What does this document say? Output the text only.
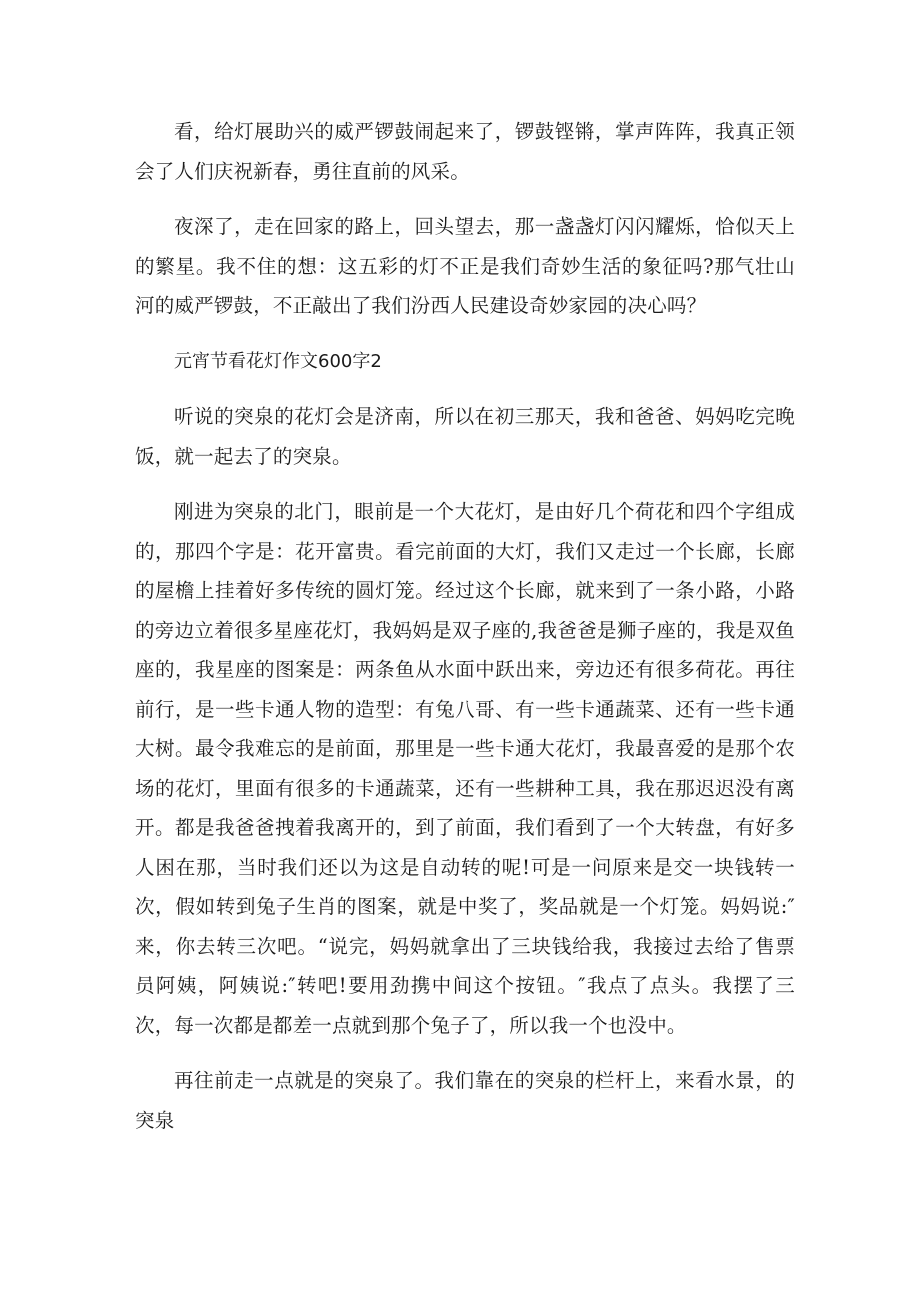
看，给灯展助兴的威严锣鼓闹起来了，锣鼓铿锵，掌声阵阵，我真正领会了人们庆祝新春，勇往直前的风采。

夜深了，走在回家的路上，回头望去，那一盏盏灯闪闪耀烁，恰似天上的繁星。我不住的想：这五彩的灯不正是我们奇妙生活的象征吗?那气壮山河的威严锣鼓，不正敲出了我们汾西人民建设奇妙家园的决心吗？

元宵节看花灯作文600字2

听说的突泉的花灯会是济南，所以在初三那天，我和爸爸、妈妈吃完晚饭，就一起去了的突泉。

刚进为突泉的北门，眼前是一个大花灯，是由好几个荷花和四个字组成的，那四个字是：花开富贵。看完前面的大灯，我们又走过一个长廊，长廊的屋檐上挂着好多传统的圆灯笼。经过这个长廊，就来到了一条小路，小路的旁边立着很多星座花灯，我妈妈是双子座的,我爸爸是狮子座的，我是双鱼座的，我星座的图案是：两条鱼从水面中跃出来，旁边还有很多荷花。再往前行，是一些卡通人物的造型：有兔八哥、有一些卡通蔬菜、还有一些卡通大树。最令我难忘的是前面，那里是一些卡通大花灯，我最喜爱的是那个农场的花灯，里面有很多的卡通蔬菜，还有一些耕种工具，我在那迟迟没有离开。都是我爸爸拽着我离开的，到了前面，我们看到了一个大转盘，有好多人困在那，当时我们还以为这是自动转的呢!可是一问原来是交一块钱转一次，假如转到兔子生肖的图案，就是中奖了，奖品就是一个灯笼。妈妈说:″来，你去转三次吧。“说完，妈妈就拿出了三块钱给我，我接过去给了售票员阿姨，阿姨说:″转吧!要用劲携中间这个按钮。″我点了点头。我摆了三次，每一次都是都差一点就到那个兔子了，所以我一个也没中。

再往前走一点就是的突泉了。我们靠在的突泉的栏杆上，来看水景，的突泉
